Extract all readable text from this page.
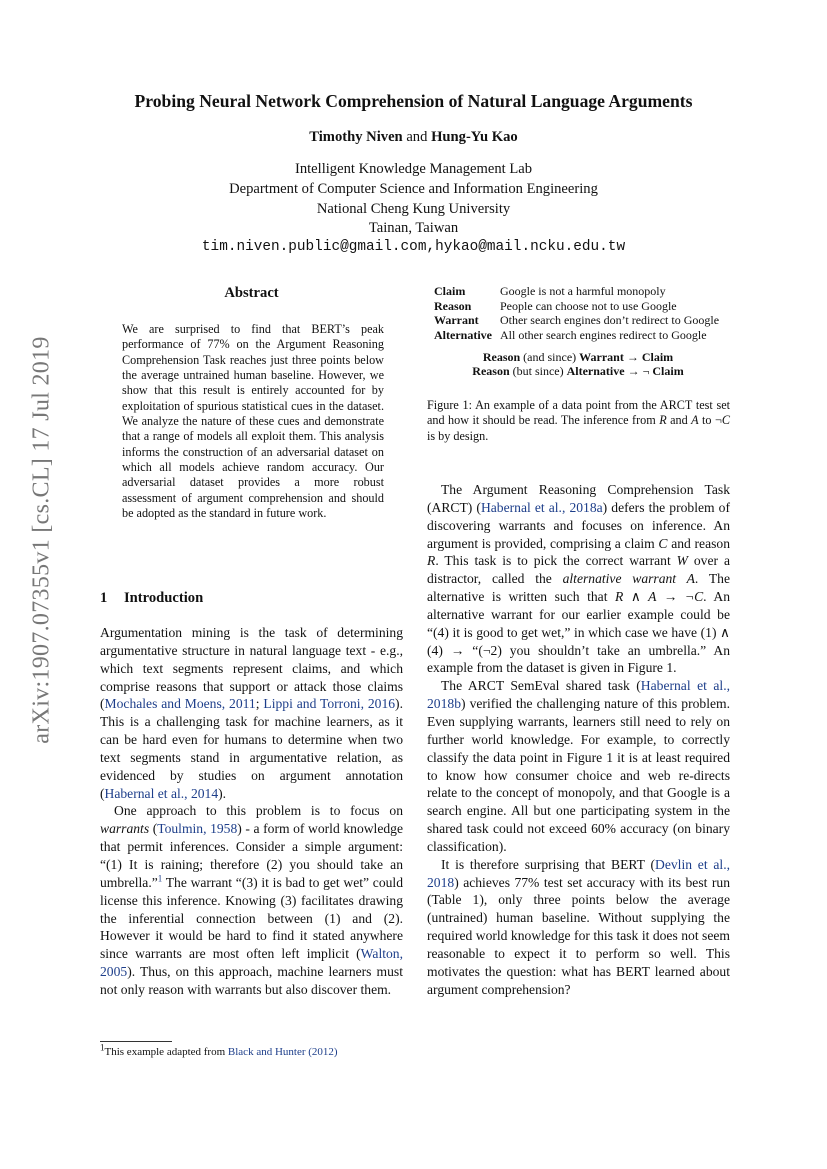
Probing Neural Network Comprehension of Natural Language Arguments
Timothy Niven and Hung-Yu Kao
Intelligent Knowledge Management Lab
Department of Computer Science and Information Engineering
National Cheng Kung University
Tainan, Taiwan
tim.niven.public@gmail.com,hykao@mail.ncku.edu.tw
arXiv:1907.07355v1 [cs.CL] 17 Jul 2019
Abstract
We are surprised to find that BERT’s peak performance of 77% on the Argument Reasoning Comprehension Task reaches just three points below the average untrained human baseline. However, we show that this result is entirely accounted for by exploitation of spurious statistical cues in the dataset. We analyze the nature of these cues and demonstrate that a range of models all exploit them. This analysis informs the construction of an adversarial dataset on which all models achieve random accuracy. Our adversarial dataset provides a more robust assessment of argument comprehension and should be adopted as the standard in future work.
1 Introduction

Argumentation mining is the task of determining argumentative structure in natural language text - e.g., which text segments represent claims, and which comprise reasons that support or attack those claims (Mochales and Moens, 2011; Lippi and Torroni, 2016). This is a challenging task for machine learners, as it can be hard even for humans to determine when two text segments stand in argumentative relation, as evidenced by studies on argument annotation (Habernal et al., 2014).

One approach to this problem is to focus on warrants (Toulmin, 1958) - a form of world knowledge that permit inferences. Consider a simple argument: “(1) It is raining; therefore (2) you should take an umbrella.”$^1$ The warrant “(3) it is bad to get wet” could license this inference. Knowing (3) facilitates drawing the inferential connection between (1) and (2). However it would be hard to find it stated anywhere since warrants are most often left implicit (Walton, 2005). Thus, on this approach, machine learners must not only reason with warrants but also discover them.

$^1$This example adapted from Black and Hunter (2012)
Claim	Google is not a harmful monopoly
Reason	People can choose not to use Google
Warrant	Other search engines don’t redirect to Google
Alternative	All other search engines redirect to Google
Reason (and since) Warrant → Claim
Reason (but since) Alternative → ¬ Claim
Figure 1: An example of a data point from the ARCT test set and how it should be read. The inference from R and A to ¬C is by design.

The Argument Reasoning Comprehension Task (ARCT) (Habernal et al., 2018a) defers the problem of discovering warrants and focuses on inference. An argument is provided, comprising a claim C and reason R. This task is to pick the correct warrant W over a distractor, called the alternative warrant A. The alternative is written such that R ∧ A → ¬C. An alternative warrant for our earlier example could be “(4) it is good to get wet,” in which case we have (1) ∧ (4) → “(¬2) you shouldn’t take an umbrella.” An example from the dataset is given in Figure 1.

The ARCT SemEval shared task (Habernal et al., 2018b) verified the challenging nature of this problem. Even supplying warrants, learners still need to rely on further world knowledge. For example, to correctly classify the data point in Figure 1 it is at least required to know how consumer choice and web re-directs relate to the concept of monopoly, and that Google is a search engine. All but one participating system in the shared task could not exceed 60% accuracy (on binary classification).

It is therefore surprising that BERT (Devlin et al., 2018) achieves 77% test set accuracy with its best run (Table 1), only three points below the average (untrained) human baseline. Without supplying the required world knowledge for this task it does not seem reasonable to expect it to perform so well. This motivates the question: what has BERT learned about argument comprehension?
